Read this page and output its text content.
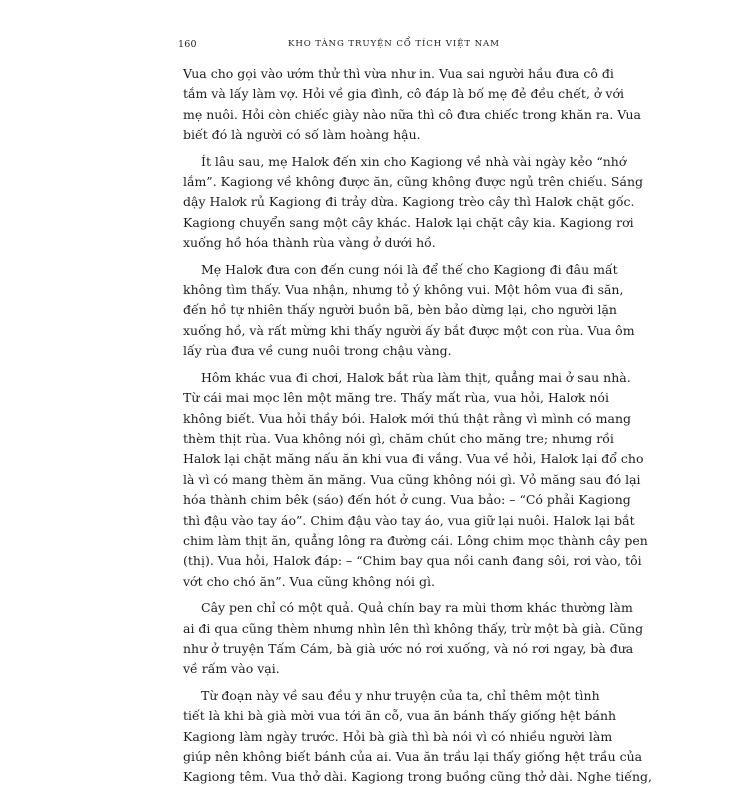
160	KHO TÀNG TRUYỆN CỔ TÍCH VIỆT NAM

Vua cho gọi vào ướm thử thì vừa như in. Vua sai người hầu đưa cô đi
tắm và lấy làm vợ. Hỏi về gia đình, cô đáp là bố mẹ đẻ đều chết, ở với
mẹ nuôi. Hỏi còn chiếc giày nào nữa thì cô đưa chiếc trong khăn ra. Vua
biết đó là người có số làm hoàng hậu.

Ít lâu sau, mẹ Halơk đến xin cho Kagiong về nhà vài ngày kẻo “nhớ
lắm”. Kagiong về không được ăn, cũng không được ngủ trên chiếu. Sáng
dậy Halơk rủ Kagiong đi trảy dừa. Kagiong trèo cây thì Halơk chặt gốc.
Kagiong chuyển sang một cây khác. Halơk lại chặt cây kia. Kagiong rơi
xuống hồ hóa thành rùa vàng ở dưới hồ.

Mẹ Halơk đưa con đến cung nói là để thế cho Kagiong đi đâu mất
không tìm thấy. Vua nhận, nhưng tỏ ý không vui. Một hôm vua đi săn,
đến hồ tự nhiên thấy người buồn bã, bèn bảo dừng lại, cho người lặn
xuống hồ, và rất mừng khi thấy người ấy bắt được một con rùa. Vua ôm
lấy rùa đưa về cung nuôi trong chậu vàng.

Hôm khác vua đi chơi, Halơk bắt rùa làm thịt, quẳng mai ở sau nhà.
Từ cái mai mọc lên một măng tre. Thấy mất rùa, vua hỏi, Halơk nói
không biết. Vua hỏi thầy bói. Halơk mới thú thật rằng vì mình có mang
thèm thịt rùa. Vua không nói gì, chăm chút cho măng tre; nhưng rồi
Halơk lại chặt măng nấu ăn khi vua đi vắng. Vua về hỏi, Halơk lại đổ cho
là vì có mang thèm ăn măng. Vua cũng không nói gì. Vỏ măng sau đó lại
hóa thành chim bêk (sáo) đến hót ở cung. Vua bảo: – “Có phải Kagiong
thì đậu vào tay áo”. Chim đậu vào tay áo, vua giữ lại nuôi. Halơk lại bắt
chim làm thịt ăn, quẳng lông ra đường cái. Lông chim mọc thành cây pen
(thị). Vua hỏi, Halơk đáp: – “Chim bay qua nồi canh đang sôi, rơi vào, tôi
vớt cho chó ăn”. Vua cũng không nói gì.

Cây pen chỉ có một quả. Quả chín bay ra mùi thơm khác thường làm
ai đi qua cũng thèm nhưng nhìn lên thì không thấy, trừ một bà già. Cũng
như ở truyện Tấm Cám, bà già ước nó rơi xuống, và nó rơi ngay, bà đưa
về rấm vào vại.

Từ đoạn này về sau đều y như truyện của ta, chỉ thêm một tình
tiết là khi bà già mời vua tới ăn cỗ, vua ăn bánh thấy giống hệt bánh
Kagiong làm ngày trước. Hỏi bà già thì bà nói vì có nhiều người làm
giúp nên không biết bánh của ai. Vua ăn trầu lại thấy giống hệt trầu của
Kagiong têm. Vua thở dài. Kagiong trong buồng cũng thở dài. Nghe tiếng,
